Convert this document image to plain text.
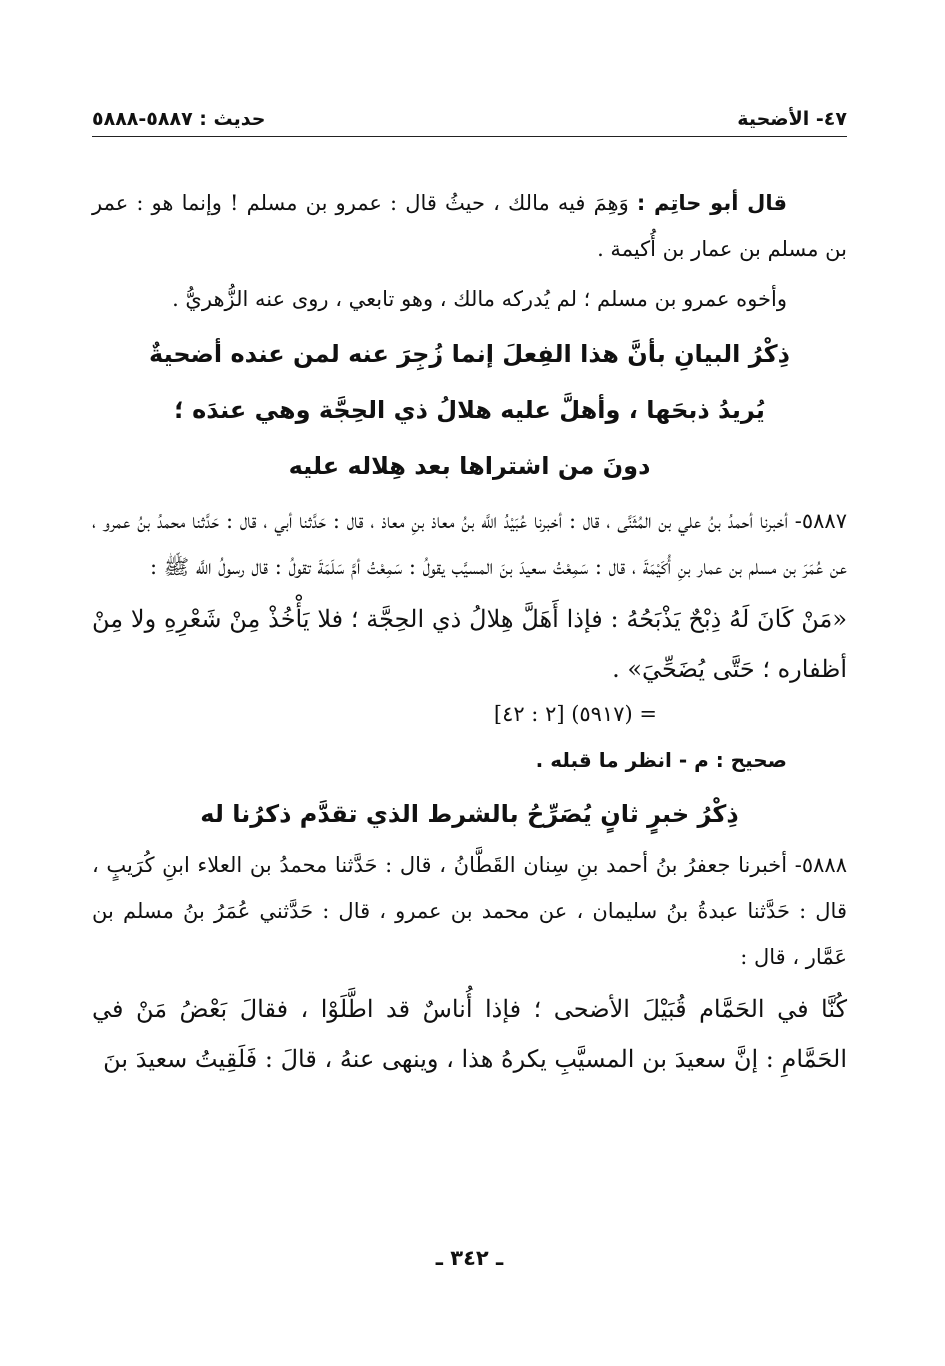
٤٧- الأضحية
حديث : ٥٨٨٧-٥٨٨٨

قال أبو حاتِم : وَهِمَ فيه مالك ، حيثُ قال : عمرو بن مسلم ! وإنما هو : عمر بن مسلم بن عمار بن أُكيمة .

وأخوه عمرو بن مسلم ؛ لم يُدركه مالك ، وهو تابعي ، روى عنه الزُّهريُّ .

ذِكْرُ البيانِ بأنَّ هذا الفِعلَ إنما زُجِرَ عنه لمن عنده أضحيةٌ

يُريدُ ذبحَها ، وأهلَّ عليه هلالُ ذي الحِجَّة وهي عندَه ؛

دونَ من اشتراها بعد هِلاله عليه

٥٨٨٧- أخبرنا أحمدُ بنُ علي بن المُثَنَّى ، قال : أخبرنا عُبَيْدُ اللَّه بنُ معاذ بنِ معاذ ، قال : حَدَّثنا أبي ، قال : حَدَّثنا محمدُ بنُ عمرو ، عن عُمَرَ بن مسلم بن عمار بنِ أُكَيْمَةَ ، قال : سَمِعْتُ سعيدَ بنَ المسيَّب يقولُ : سَمِعْتُ أمَّ سَلَمَةَ تقولُ : قال رسولُ اللَّه ﷺ :

«مَنْ كَانَ لَهُ ذِبْحٌ يَذْبَحُهُ : فإذا أَهَلَّ هِلالُ ذي الحِجَّة ؛ فلا يَأْخُذْ مِنْ شَعْرِهِ ولا مِنْ أظفاره ؛ حَتَّى يُضَحِّيَ» .

= (٥٩١٧) [٢ : ٤٢]

صحيح : م - انظر ما قبله .

ذِكْرُ خبرٍ ثانٍ يُصَرِّحُ بالشرط الذي تقدَّم ذكرُنا له

٥٨٨٨- أخبرنا جعفرُ بنُ أحمد بنِ سِنان القَطَّانُ ، قال : حَدَّثنا محمدُ بن العلاء ابنِ كُرَيبٍ ، قال : حَدَّثنا عبدةُ بنُ سليمان ، عن محمد بن عمرو ، قال : حَدَّثني عُمَرُ بنُ مسلم بن عَمَّار ، قال :

كُنَّا في الحَمَّام قُبَيْلَ الأضحى ؛ فإذا أُناسٌ قد اطَّلَوْا ، فقالَ بَعْضُ مَنْ في الحَمَّامِ : إنَّ سعيدَ بن المسيَّبِ يكرهُ هذا ، وينهى عنهُ ، قالَ : فَلَقِيتُ سعيدَ بنَ

ـ ٣٤٢ ـ
